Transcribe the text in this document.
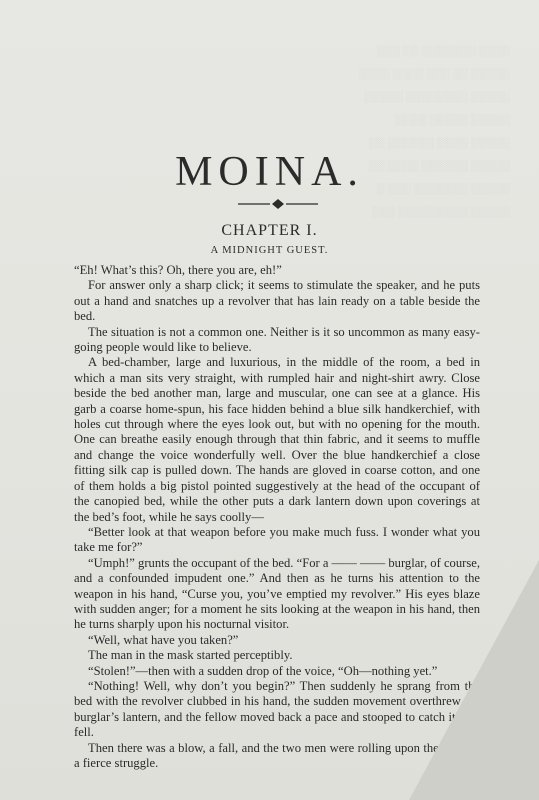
░░░░ ░░░░░░░ ░░ ░░░
░░░░░ ░░ ░░░ ░░░░ ░░░░
░░░░░ ░░░░░░░░ ░░░░░
░░░░░ ░░░░░ ░░░░
░░░░░ ░░░░ ░░░░░░ ░░
░░░░░ ░░░░░░ ░░░░ ░░
░░░░░ ░░░░░░░ ░░░ ░
░░░░░ ░░░░░░░░░ ░░░
MOINA.
CHAPTER I.
A MIDNIGHT GUEST.

“Eh! What’s this? Oh, there you are, eh!”

For answer only a sharp click; it seems to stimulate the speaker, and he puts out a hand and snatches up a revolver that has lain ready on a table beside the bed.

The situation is not a common one. Neither is it so uncommon as many easy-going people would like to believe.

A bed-chamber, large and luxurious, in the middle of the room, a bed in which a man sits very straight, with rumpled hair and night-shirt awry. Close beside the bed another man, large and muscular, one can see at a glance. His garb a coarse home-spun, his face hidden behind a blue silk handkerchief, with holes cut through where the eyes look out, but with no opening for the mouth. One can breathe easily enough through that thin fabric, and it seems to muffle and change the voice wonderfully well. Over the blue handkerchief a close fitting silk cap is pulled down. The hands are gloved in coarse cotton, and one of them holds a big pistol pointed suggestively at the head of the occupant of the canopied bed, while the other puts a dark lantern down upon coverings at the bed’s foot, while he says coolly—

“Better look at that weapon before you make much fuss. I wonder what you take me for?”

“Umph!” grunts the occupant of the bed. “For a —— —— burglar, of course, and a confounded impudent one.” And then as he turns his attention to the weapon in his hand, “Curse you, you’ve emptied my revolver.” His eyes blaze with sudden anger; for a moment he sits looking at the weapon in his hand, then he turns sharply upon his nocturnal visitor.

“Well, what have you taken?”

The man in the mask started perceptibly.

“Stolen!”—then with a sudden drop of the voice, “Oh—nothing yet.”

“Nothing! Well, why don’t you begin?” Then suddenly he sprang from the bed with the revolver clubbed in his hand, the sudden movement overthrew the burglar’s lantern, and the fellow moved back a pace and stooped to catch it as it fell.

Then there was a blow, a fall, and the two men were rolling upon the floor in a fierce struggle.
